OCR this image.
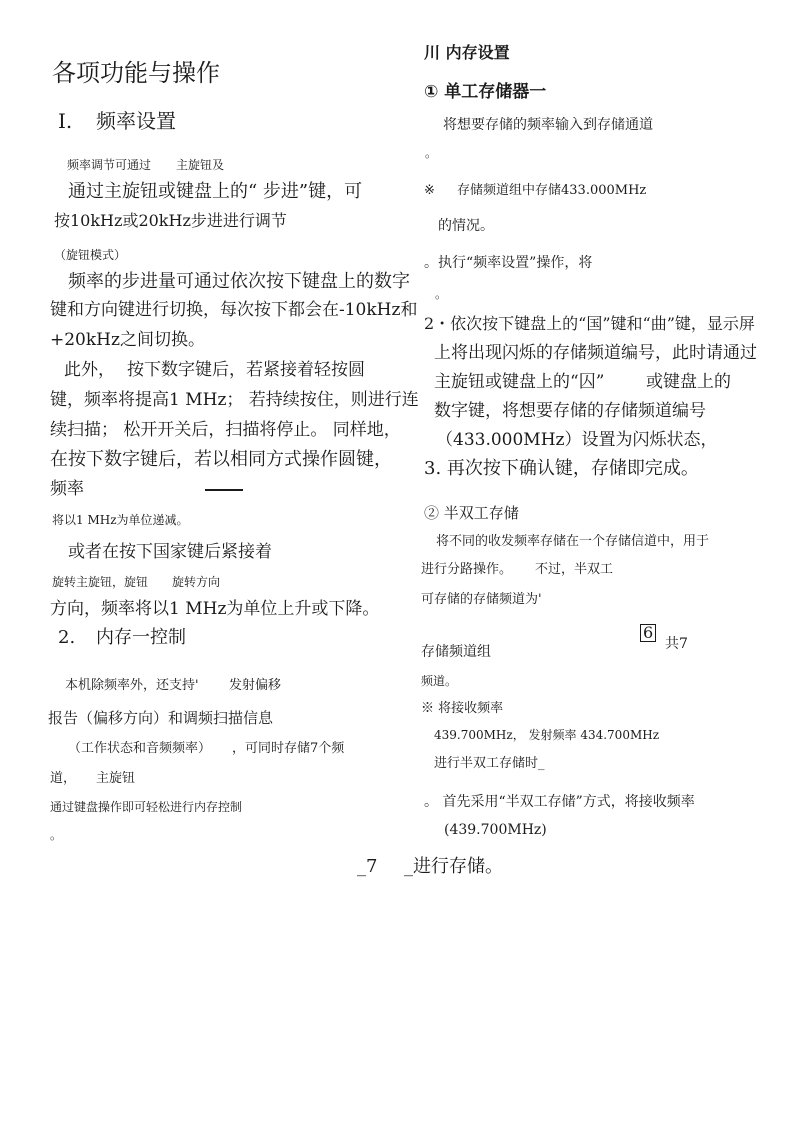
各项功能与操作
I. 频率设置
频率调节可通过 主旋钮及
通过主旋钮或键盘上的“ 步进”键，可
按10kHz或20kHz步进进行调节
（旋钮模式）
频率的步进量可通过依次按下键盘上的数字
键和方向键进行切换，每次按下都会在-10kHz和
+20kHz之间切换。
此外， 按下数字键后，若紧接着 轻按圆
键，频率将提高1 MHz； 若持续按住，则进行连
续扫描； 松开开关后，扫描将停止。 同样地，
在按下数字键后，若以相同方式操作圆键，
频率
将以1 MHz为单位递减。
或者在按下国家键后紧接着
旋转主旋钮，旋钮 旋转方向
方向，频率将以1 MHz为单位上升或下降。
2. 内存一控制
本机除频率外，还支持' 发射偏移
报告（偏移方向）和调频扫描信息
（工作状态和音频频率） ，可同时存储7个频
道， 主旋钮
通过键盘操作即可轻松进行内存控制
。
川 内存设置
① 单工存储器一
将想要存储的频率输入到存储通道
。
※ 存储频道组中存储433.000MHz
的情况。
。执行“频率设置”操作，将
。
2・依次按下键盘上的“国”键和“曲”键，显示屏
上将出现闪烁的存储频道编号，此时请通过
主旋钮或键盘上的“囚” 或键盘上的
数字键，将想要存储的存储频道编号
（433.000MHz）设置为闪烁状态，
3. 再次按下确认键，存储即完成。
② 半双工存储
将不同的收发频率存储在一个存储信道中，用于
进行分路操作。 不过，半双工
可存储的存储频道为'
6
共7
存储频道组
频道。
※ 将接收频率
439.700MHz， 发射频率 434.700MHz
进行半双工存储时_
。 首先采用“半双工存储”方式，将接收频率
(439.700MHz)
_7 _进行存储。
